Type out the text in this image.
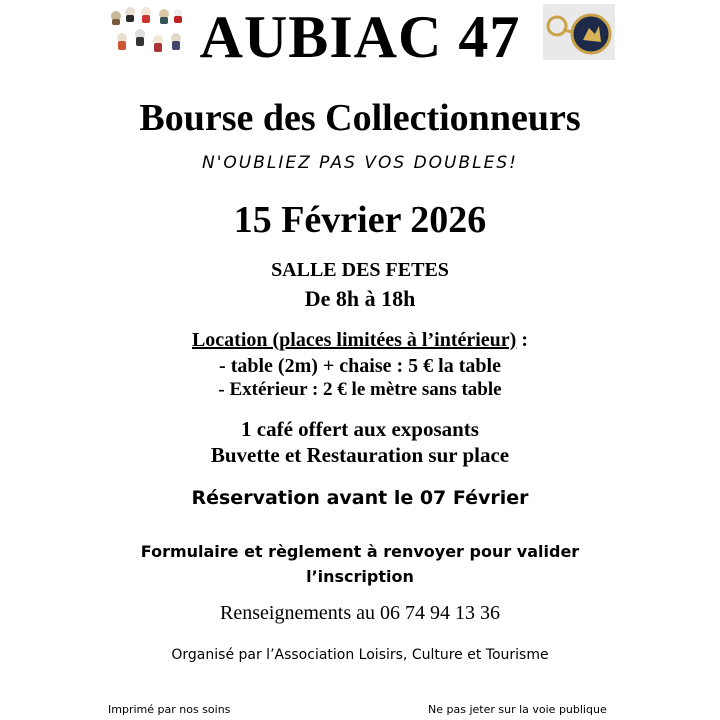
AUBIAC 47
Bourse des Collectionneurs
N'OUBLIEZ PAS VOS DOUBLES!
15 Février 2026
SALLE DES FETES
De 8h à 18h
Location (places limitées à l’intérieur) :
- table (2m) + chaise : 5 € la table
- Extérieur : 2 € le mètre sans table
1 café offert aux exposants
Buvette et Restauration sur place
Réservation avant le 07 Février
Formulaire et règlement à renvoyer pour valider
l’inscription
Renseignements au 06 74 94 13 36
Organisé par l’Association Loisirs, Culture et Tourisme
Imprimé par nos soins	Ne pas jeter sur la voie publique
